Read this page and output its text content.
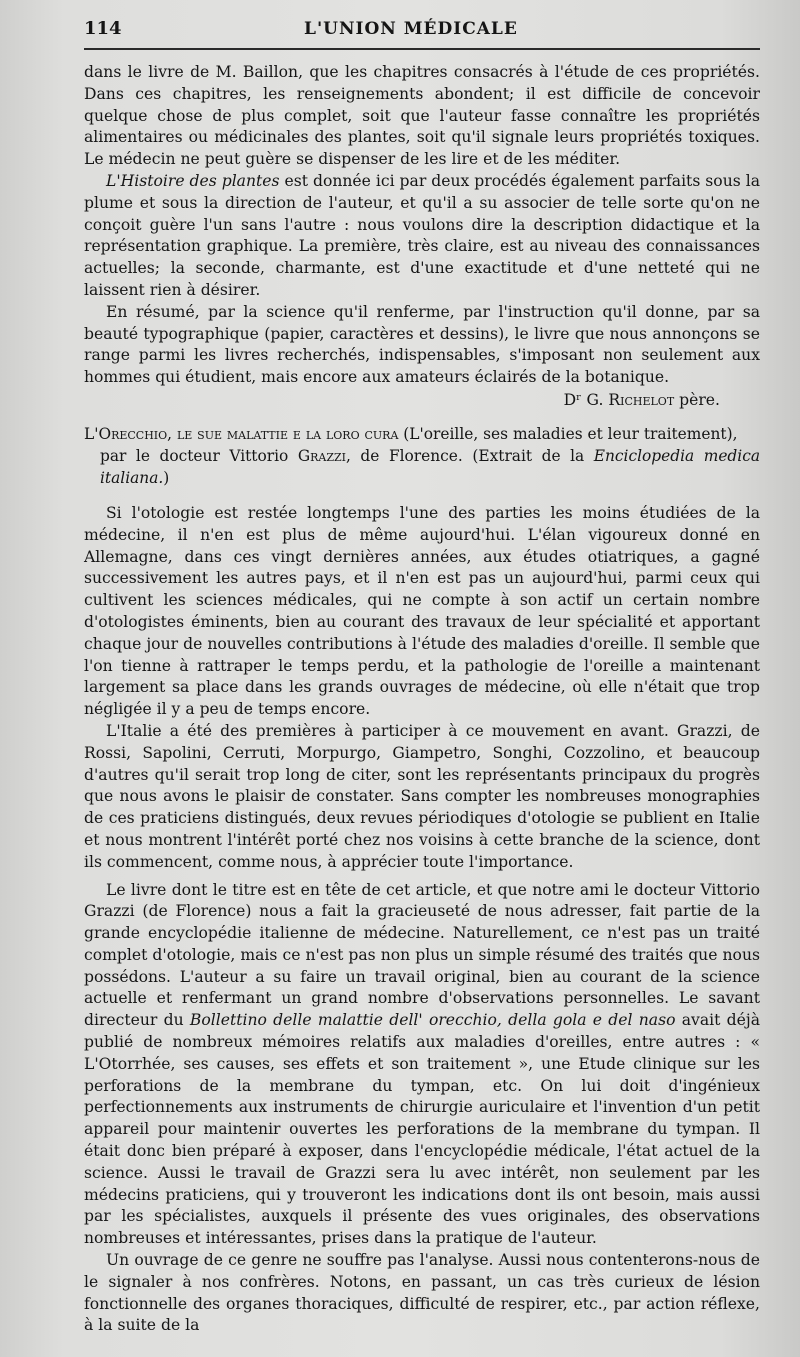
114	L'UNION MÉDICALE

dans le livre de M. Baillon, que les chapitres consacrés à l'étude de ces propriétés. Dans ces chapitres, les renseignements abondent; il est difficile de concevoir quelque chose de plus complet, soit que l'auteur fasse connaître les propriétés alimentaires ou médicinales des plantes, soit qu'il signale leurs propriétés toxiques. Le médecin ne peut guère se dispenser de les lire et de les méditer.

L'Histoire des plantes est donnée ici par deux procédés également parfaits sous la plume et sous la direction de l'auteur, et qu'il a su associer de telle sorte qu'on ne conçoit guère l'un sans l'autre : nous voulons dire la description didactique et la représentation graphique. La première, très claire, est au niveau des connaissances actuelles; la seconde, charmante, est d'une exactitude et d'une netteté qui ne laissent rien à désirer.

En résumé, par la science qu'il renferme, par l'instruction qu'il donne, par sa beauté typographique (papier, caractères et dessins), le livre que nous annonçons se range parmi les livres recherchés, indispensables, s'imposant non seulement aux hommes qui étudient, mais encore aux amateurs éclairés de la botanique.

Dʳ G. Richelot père.
L'Orecchio, le sue malattie e la loro cura (L'oreille, ses maladies et leur traitement),
par le docteur Vittorio Grazzi, de Florence. (Extrait de la Enciclopedia medica italiana.)

Si l'otologie est restée longtemps l'une des parties les moins étudiées de la médecine, il n'en est plus de même aujourd'hui. L'élan vigoureux donné en Allemagne, dans ces vingt dernières années, aux études otiatriques, a gagné successivement les autres pays, et il n'en est pas un aujourd'hui, parmi ceux qui cultivent les sciences médicales, qui ne compte à son actif un certain nombre d'otologistes éminents, bien au courant des travaux de leur spécialité et apportant chaque jour de nouvelles contributions à l'étude des maladies d'oreille. Il semble que l'on tienne à rattraper le temps perdu, et la pathologie de l'oreille a maintenant largement sa place dans les grands ouvrages de médecine, où elle n'était que trop négligée il y a peu de temps encore.

L'Italie a été des premières à participer à ce mouvement en avant. Grazzi, de Rossi, Sapolini, Cerruti, Morpurgo, Giampetro, Songhi, Cozzolino, et beaucoup d'autres qu'il serait trop long de citer, sont les représentants principaux du progrès que nous avons le plaisir de constater. Sans compter les nombreuses monographies de ces praticiens distingués, deux revues périodiques d'otologie se publient en Italie et nous montrent l'intérêt porté chez nos voisins à cette branche de la science, dont ils commencent, comme nous, à apprécier toute l'importance.

Le livre dont le titre est en tête de cet article, et que notre ami le docteur Vittorio Grazzi (de Florence) nous a fait la gracieuseté de nous adresser, fait partie de la grande encyclopédie italienne de médecine. Naturellement, ce n'est pas un traité complet d'otologie, mais ce n'est pas non plus un simple résumé des traités que nous possédons. L'auteur a su faire un travail original, bien au courant de la science actuelle et renfermant un grand nombre d'observations personnelles. Le savant directeur du Bollettino delle malattie dell' orecchio, della gola e del naso avait déjà publié de nombreux mémoires relatifs aux maladies d'oreilles, entre autres : « L'Otorrhée, ses causes, ses effets et son traitement », une Etude clinique sur les perforations de la membrane du tympan, etc. On lui doit d'ingénieux perfectionnements aux instruments de chirurgie auriculaire et l'invention d'un petit appareil pour maintenir ouvertes les perforations de la membrane du tympan. Il était donc bien préparé à exposer, dans l'encyclopédie médicale, l'état actuel de la science. Aussi le travail de Grazzi sera lu avec intérêt, non seulement par les médecins praticiens, qui y trouveront les indications dont ils ont besoin, mais aussi par les spécialistes, auxquels il présente des vues originales, des observations nombreuses et intéressantes, prises dans la pratique de l'auteur.

Un ouvrage de ce genre ne souffre pas l'analyse. Aussi nous contenterons-nous de le signaler à nos confrères. Notons, en passant, un cas très curieux de lésion fonctionnelle des organes thoraciques, difficulté de respirer, etc., par action réflexe, à la suite de la
